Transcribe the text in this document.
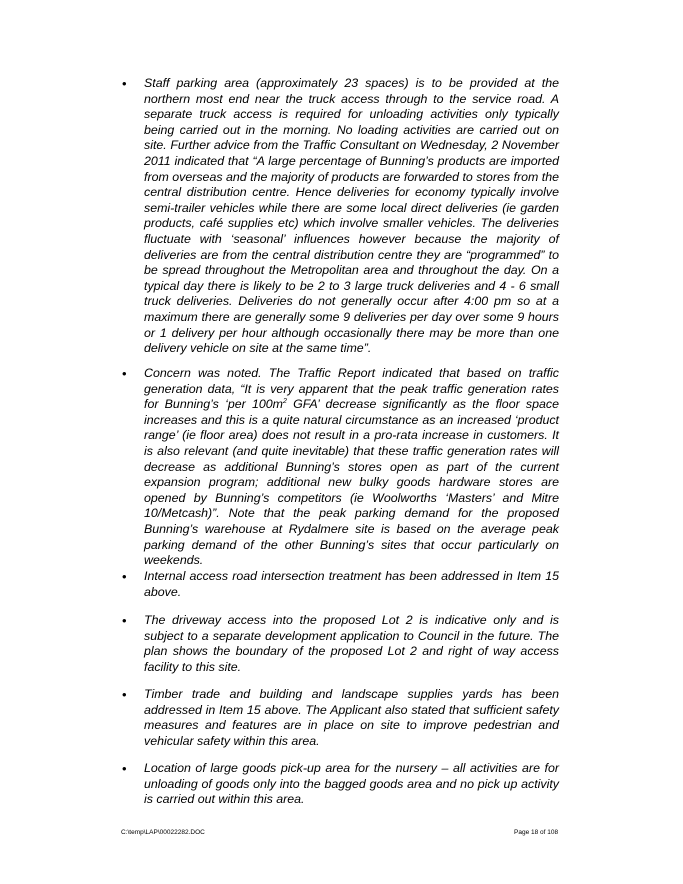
• Staff parking area (approximately 23 spaces) is to be provided at the northern most end near the truck access through to the service road. A separate truck access is required for unloading activities only typically being carried out in the morning. No loading activities are carried out on site. Further advice from the Traffic Consultant on Wednesday, 2 November 2011 indicated that “A large percentage of Bunning’s products are imported from overseas and the majority of products are forwarded to stores from the central distribution centre. Hence deliveries for economy typically involve semi-trailer vehicles while there are some local direct deliveries (ie garden products, café supplies etc) which involve smaller vehicles. The deliveries fluctuate with ‘seasonal’ influences however because the majority of deliveries are from the central distribution centre they are “programmed” to be spread throughout the Metropolitan area and throughout the day. On a typical day there is likely to be 2 to 3 large truck deliveries and 4 - 6 small truck deliveries. Deliveries do not generally occur after 4:00 pm so at a maximum there are generally some 9 deliveries per day over some 9 hours or 1 delivery per hour although occasionally there may be more than one delivery vehicle on site at the same time”.

• Concern was noted. The Traffic Report indicated that based on traffic generation data, “It is very apparent that the peak traffic generation rates for Bunning’s ‘per $100m^2$ GFA’ decrease significantly as the floor space increases and this is a quite natural circumstance as an increased ‘product range’ (ie floor area) does not result in a pro-rata increase in customers. It is also relevant (and quite inevitable) that these traffic generation rates will decrease as additional Bunning’s stores open as part of the current expansion program; additional new bulky goods hardware stores are opened by Bunning’s competitors (ie Woolworths ‘Masters’ and Mitre 10/Metcash)”. Note that the peak parking demand for the proposed Bunning’s warehouse at Rydalmere site is based on the average peak parking demand of the other Bunning’s sites that occur particularly on weekends.

• Internal access road intersection treatment has been addressed in Item 15 above.

• The driveway access into the proposed Lot 2 is indicative only and is subject to a separate development application to Council in the future. The plan shows the boundary of the proposed Lot 2 and right of way access facility to this site.

• Timber trade and building and landscape supplies yards has been addressed in Item 15 above. The Applicant also stated that sufficient safety measures and features are in place on site to improve pedestrian and vehicular safety within this area.

• Location of large goods pick-up area for the nursery – all activities are for unloading of goods only into the bagged goods area and no pick up activity is carried out within this area.

C:\temp\LAP\00022282.DOC	Page 18 of 108
